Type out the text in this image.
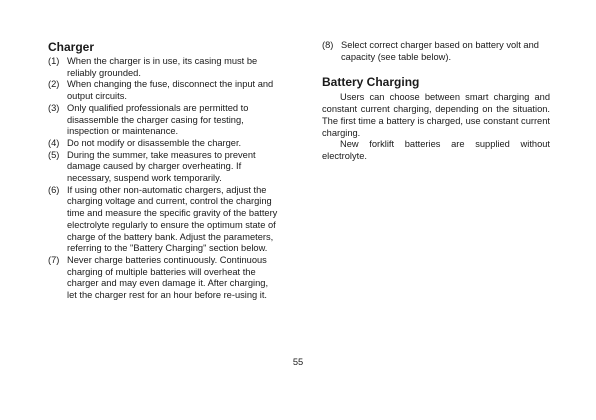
Charger
(1) When the charger is in use, its casing must be reliably grounded.
(2) When changing the fuse, disconnect the input and output circuits.
(3) Only qualified professionals are permitted to disassemble the charger casing for testing, inspection or maintenance.
(4) Do not modify or disassemble the charger.
(5) During the summer, take measures to prevent damage caused by charger overheating. If necessary, suspend work temporarily.
(6) If using other non-automatic chargers, adjust the charging voltage and current, control the charging time and measure the specific gravity of the battery electrolyte regularly to ensure the optimum state of charge of the battery bank. Adjust the parameters, referring to the "Battery Charging" section below.
(7) Never charge batteries continuously. Continuous charging of multiple batteries will overheat the charger and may even damage it. After charging, let the charger rest for an hour before re-using it.
(8) Select correct charger based on battery volt and capacity (see table below).
Battery Charging

Users can choose between smart charging and constant current charging, depending on the situation. The first time a battery is charged, use constant current charging.

New forklift batteries are supplied without electrolyte.

55
